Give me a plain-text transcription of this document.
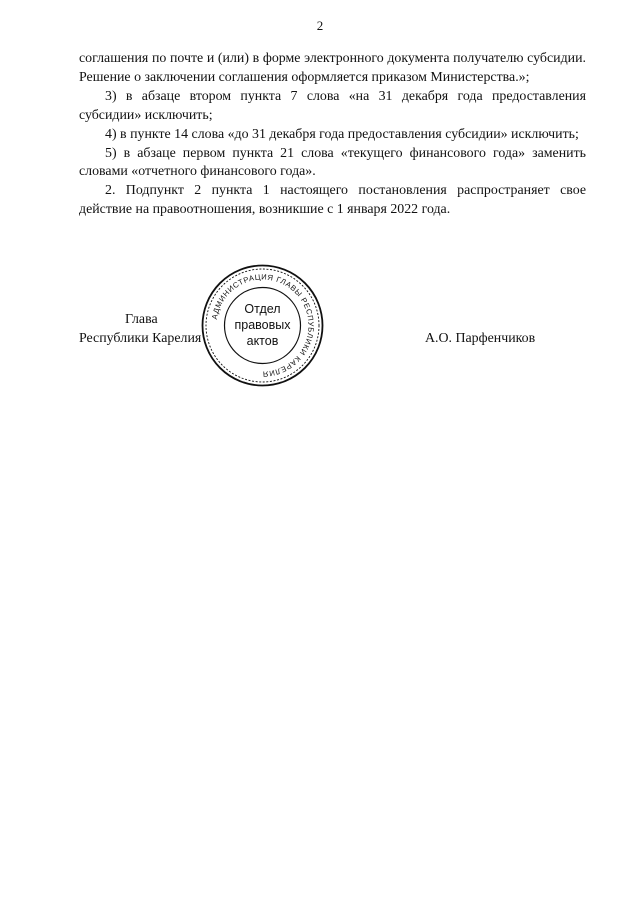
2

соглашения по почте и (или) в форме электронного документа получателю субсидии. Решение о заключении соглашения оформляется приказом Министерства.»;

3) в абзаце втором пункта 7 слова «на 31 декабря года предоставления субсидии» исключить;

4) в пункте 14 слова «до 31 декабря года предоставления субсидии» исключить;

5) в абзаце первом пункта 21 слова «текущего финансового года» заменить словами «отчетного финансового года».

2. Подпункт 2 пункта 1 настоящего постановления распространяет свое действие на правоотношения, возникшие с 1 января 2022 года.

Глава
Республики Карелия	А.О. Парфенчиков
АДМИНИСТРАЦИЯ ГЛАВЫ РЕСПУБЛИКИ КАРЕЛИЯ
Отдел
правовых
актов
